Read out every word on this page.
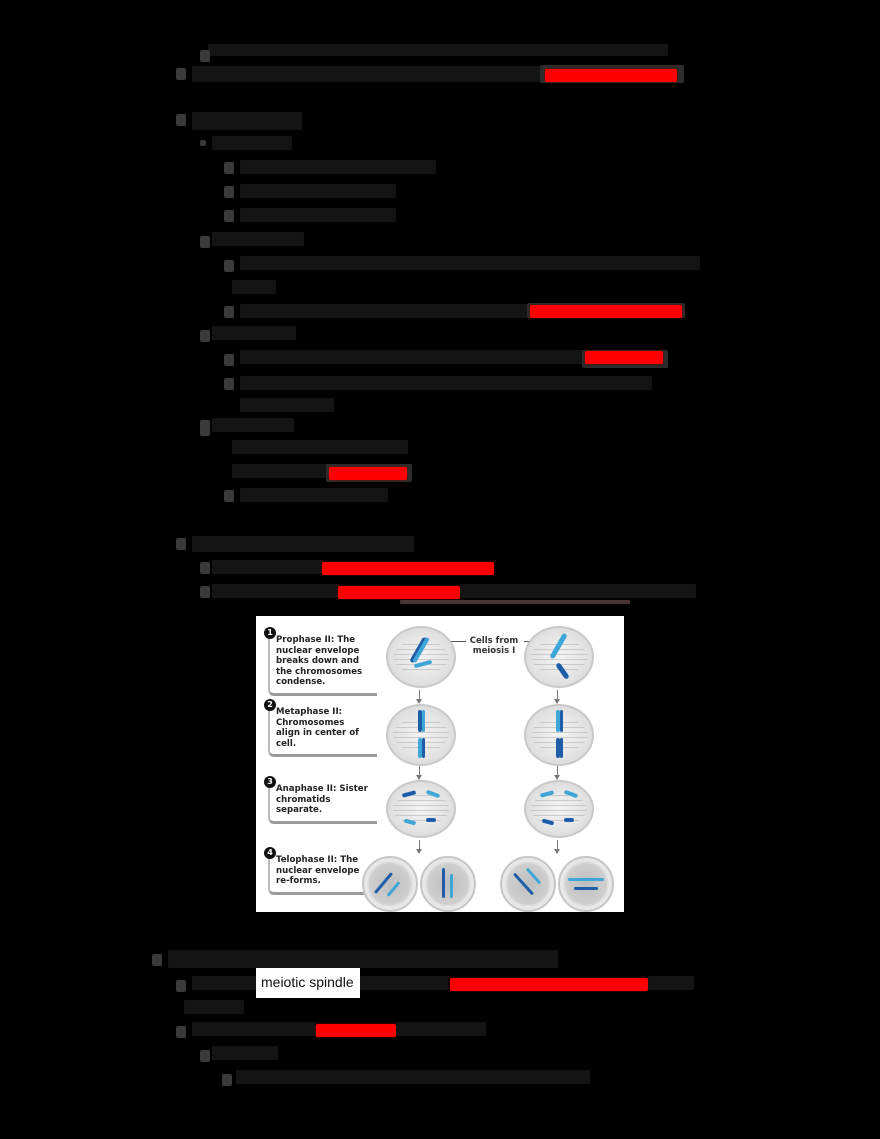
1
Prophase II: The nuclear envelope breaks down and the chromosomes condense.
2
Metaphase II: Chromosomes align in center of cell.
3
Anaphase II: Sister chromatids separate.
4
Telophase II: The nuclear envelope re-forms.
Cells from meiosis I
meiotic spindle
